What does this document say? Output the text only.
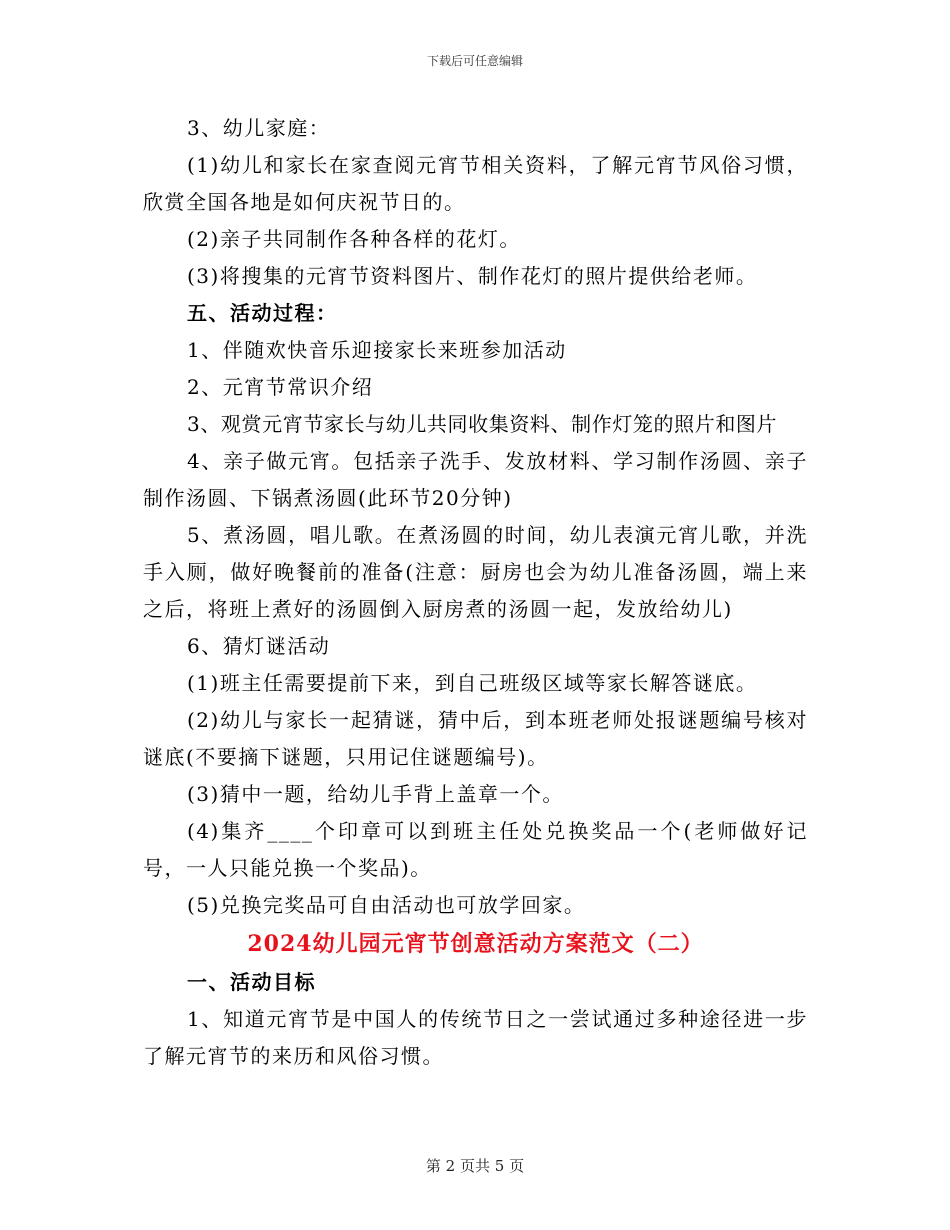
下载后可任意编辑

3、幼儿家庭：

(1)幼儿和家长在家查阅元宵节相关资料，了解元宵节风俗习惯，欣赏全国各地是如何庆祝节日的。

(2)亲子共同制作各种各样的花灯。

(3)将搜集的元宵节资料图片、制作花灯的照片提供给老师。

五、活动过程：

1、伴随欢快音乐迎接家长来班参加活动

2、元宵节常识介绍

3、观赏元宵节家长与幼儿共同收集资料、制作灯笼的照片和图片

4、亲子做元宵。包括亲子洗手、发放材料、学习制作汤圆、亲子制作汤圆、下锅煮汤圆(此环节20分钟)

5、煮汤圆，唱儿歌。在煮汤圆的时间，幼儿表演元宵儿歌，并洗手入厕，做好晚餐前的准备(注意：厨房也会为幼儿准备汤圆，端上来之后，将班上煮好的汤圆倒入厨房煮的汤圆一起，发放给幼儿)

6、猜灯谜活动

(1)班主任需要提前下来，到自己班级区域等家长解答谜底。

(2)幼儿与家长一起猜谜，猜中后，到本班老师处报谜题编号核对谜底(不要摘下谜题，只用记住谜题编号)。

(3)猜中一题，给幼儿手背上盖章一个。

(4)集齐____个印章可以到班主任处兑换奖品一个(老师做好记号，一人只能兑换一个奖品)。

(5)兑换完奖品可自由活动也可放学回家。

2024幼儿园元宵节创意活动方案范文（二）

一、活动目标

1、知道元宵节是中国人的传统节日之一尝试通过多种途径进一步了解元宵节的来历和风俗习惯。

第 2 页共 5 页
